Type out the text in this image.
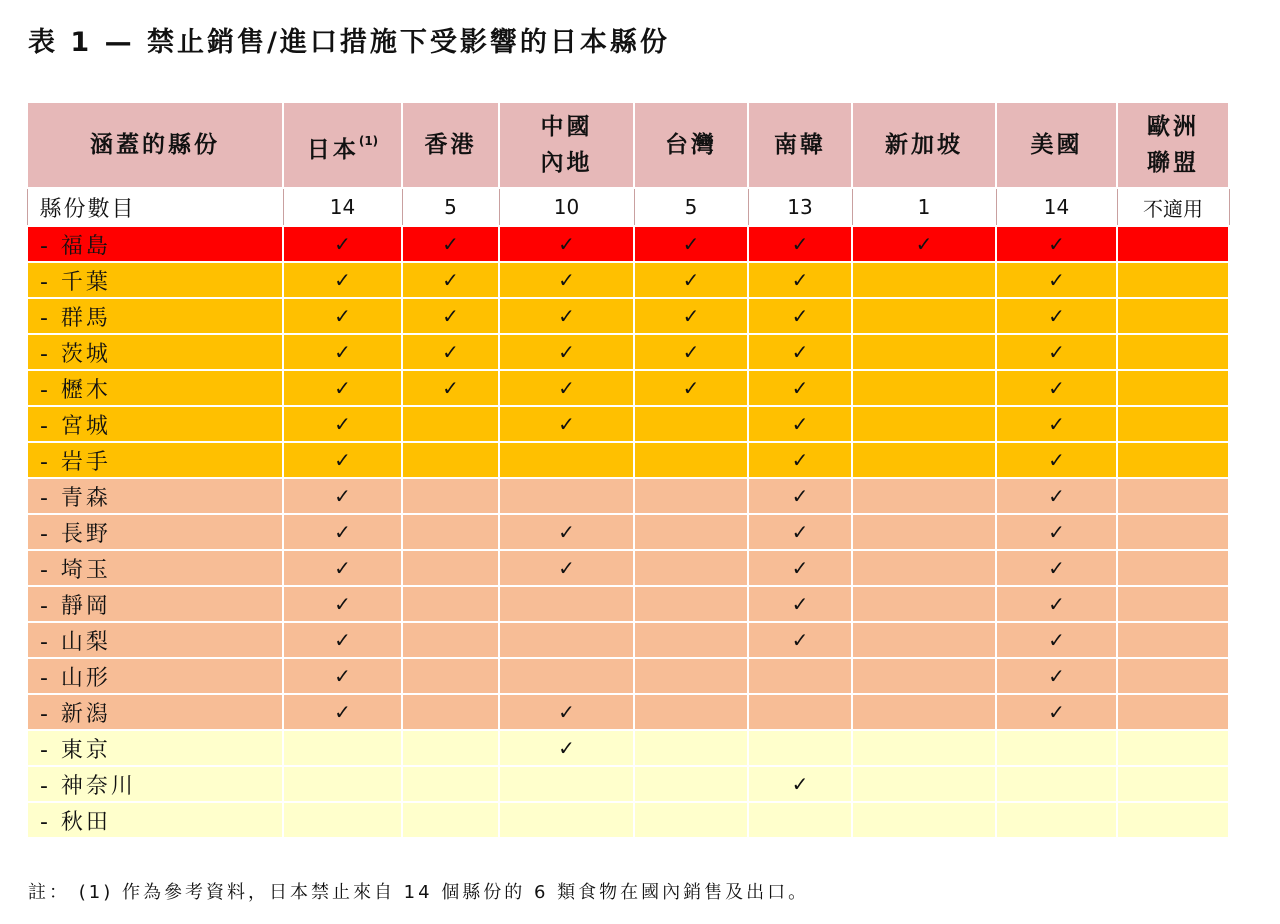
表 1 — 禁止銷售/進口措施下受影響的日本縣份
涵蓋的縣份	日本$^{(1)}$	香港	中國
內地	台灣	南韓	新加坡	美國	歐洲
聯盟
縣份數目	14	5	10	5	13	1	14	不適用
- 福島	✓	✓	✓	✓	✓	✓	✓	
- 千葉	✓	✓	✓	✓	✓		✓	
- 群馬	✓	✓	✓	✓	✓		✓	
- 茨城	✓	✓	✓	✓	✓		✓	
- 櫪木	✓	✓	✓	✓	✓		✓	
- 宮城	✓		✓		✓		✓	
- 岩手	✓				✓		✓	
- 青森	✓				✓		✓	
- 長野	✓		✓		✓		✓	
- 埼玉	✓		✓		✓		✓	
- 靜岡	✓				✓		✓	
- 山梨	✓				✓		✓	
- 山形	✓						✓	
- 新潟	✓		✓				✓	
- 東京			✓					
- 神奈川					✓			
- 秋田								
註： (1) 作為參考資料，日本禁止來自 14 個縣份的 6 類食物在國內銷售及出口。
